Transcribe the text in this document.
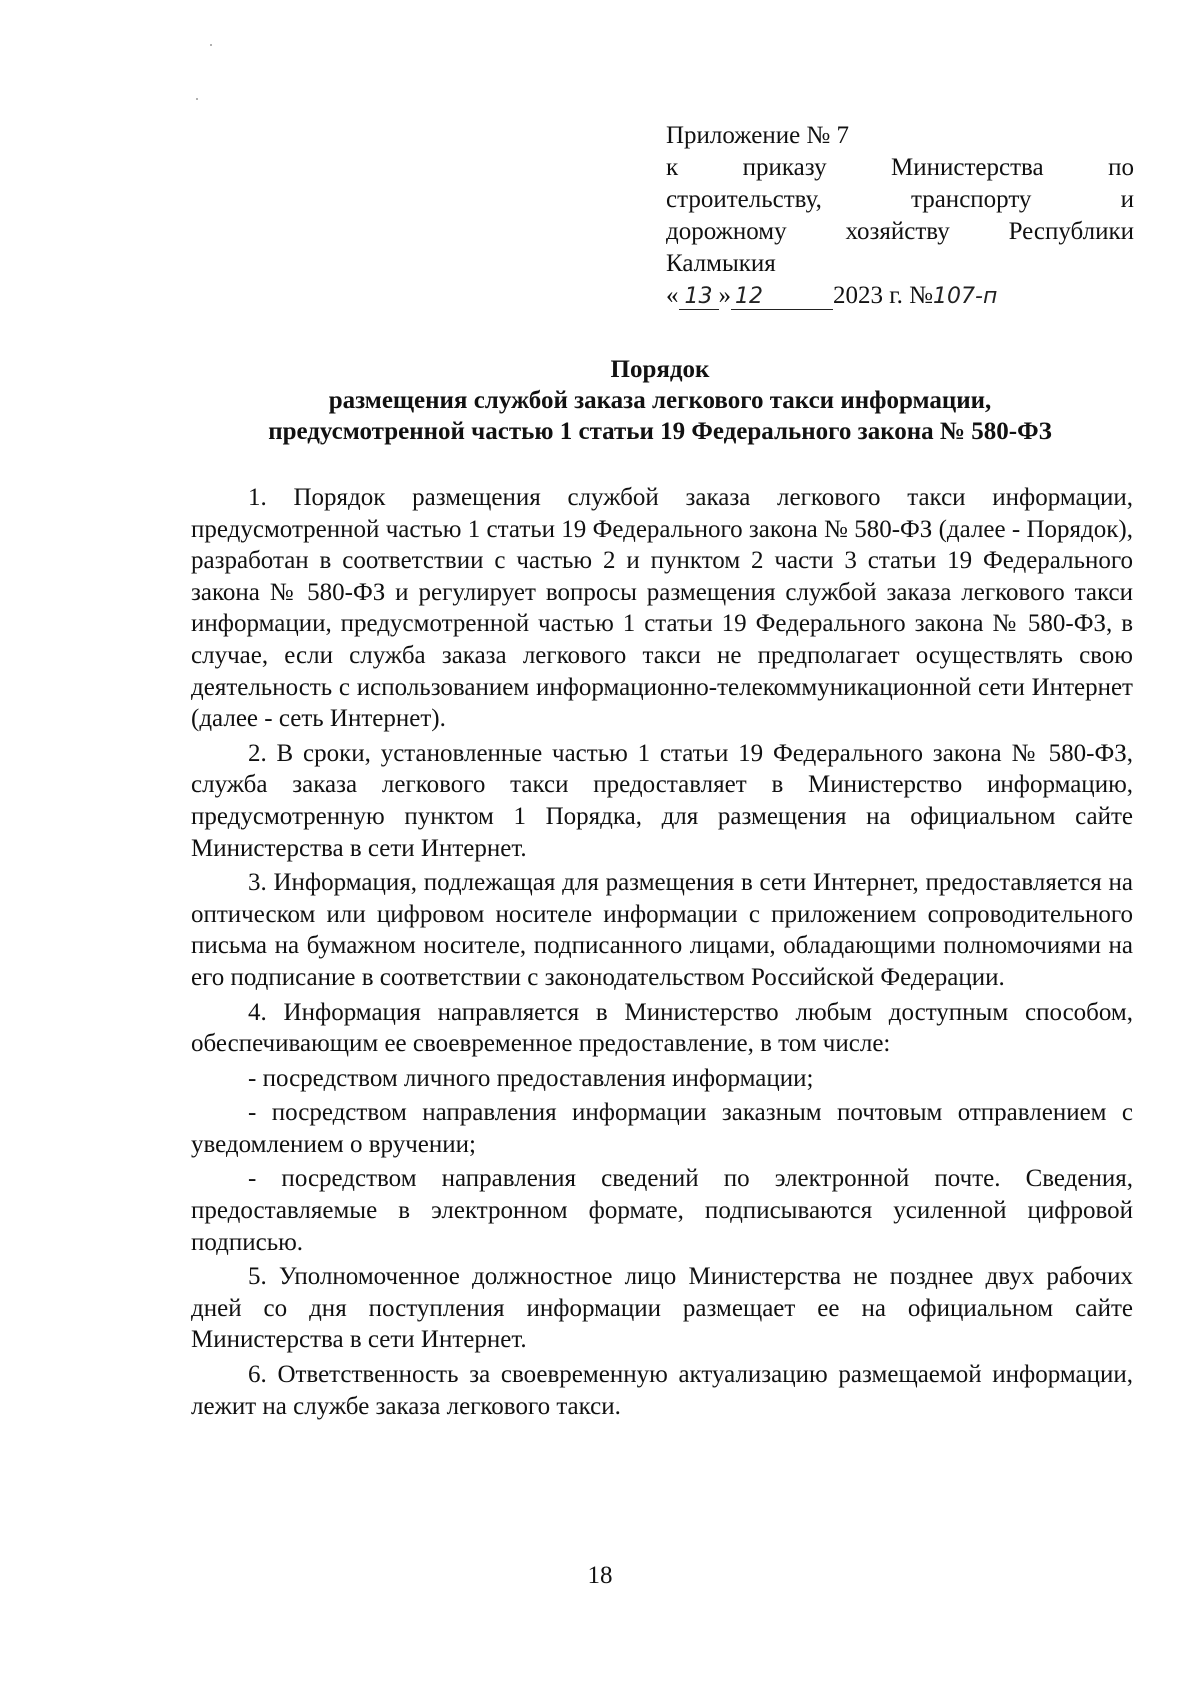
Приложение № 7
к	приказу	Министерства	по
строительству,	транспорту	и
дорожному хозяйству Республики
Калмыкия
« 13 » 12	2023 г. № 107-п
Порядок
размещения службой заказа легкового такси информации,
предусмотренной частью 1 статьи 19 Федерального закона № 580-ФЗ

1. Порядок размещения службой заказа легкового такси информации, предусмотренной частью 1 статьи 19 Федерального закона № 580-ФЗ (далее - Порядок), разработан в соответствии с частью 2 и пунктом 2 части 3 статьи 19 Федерального закона № 580-ФЗ и регулирует вопросы размещения службой заказа легкового такси информации, предусмотренной частью 1 статьи 19 Федерального закона № 580-ФЗ, в случае, если служба заказа легкового такси не предполагает осуществлять свою деятельность с использованием информационно-телекоммуникационной сети Интернет (далее - сеть Интернет).

2. В сроки, установленные частью 1 статьи 19 Федерального закона № 580-ФЗ, служба заказа легкового такси предоставляет в Министерство информацию, предусмотренную пунктом 1 Порядка, для размещения на официальном сайте Министерства в сети Интернет.

3. Информация, подлежащая для размещения в сети Интернет, предоставляется на оптическом или цифровом носителе информации с приложением сопроводительного письма на бумажном носителе, подписанного лицами, обладающими полномочиями на его подписание в соответствии с законодательством Российской Федерации.

4. Информация направляется в Министерство любым доступным способом, обеспечивающим ее своевременное предоставление, в том числе:

- посредством личного предоставления информации;

- посредством направления информации заказным почтовым отправлением с уведомлением о вручении;

- посредством направления сведений по электронной почте. Сведения, предоставляемые в электронном формате, подписываются усиленной цифровой подписью.

5. Уполномоченное должностное лицо Министерства не позднее двух рабочих дней со дня поступления информации размещает ее на официальном сайте Министерства в сети Интернет.

6. Ответственность за своевременную актуализацию размещаемой информации, лежит на службе заказа легкового такси.

18
